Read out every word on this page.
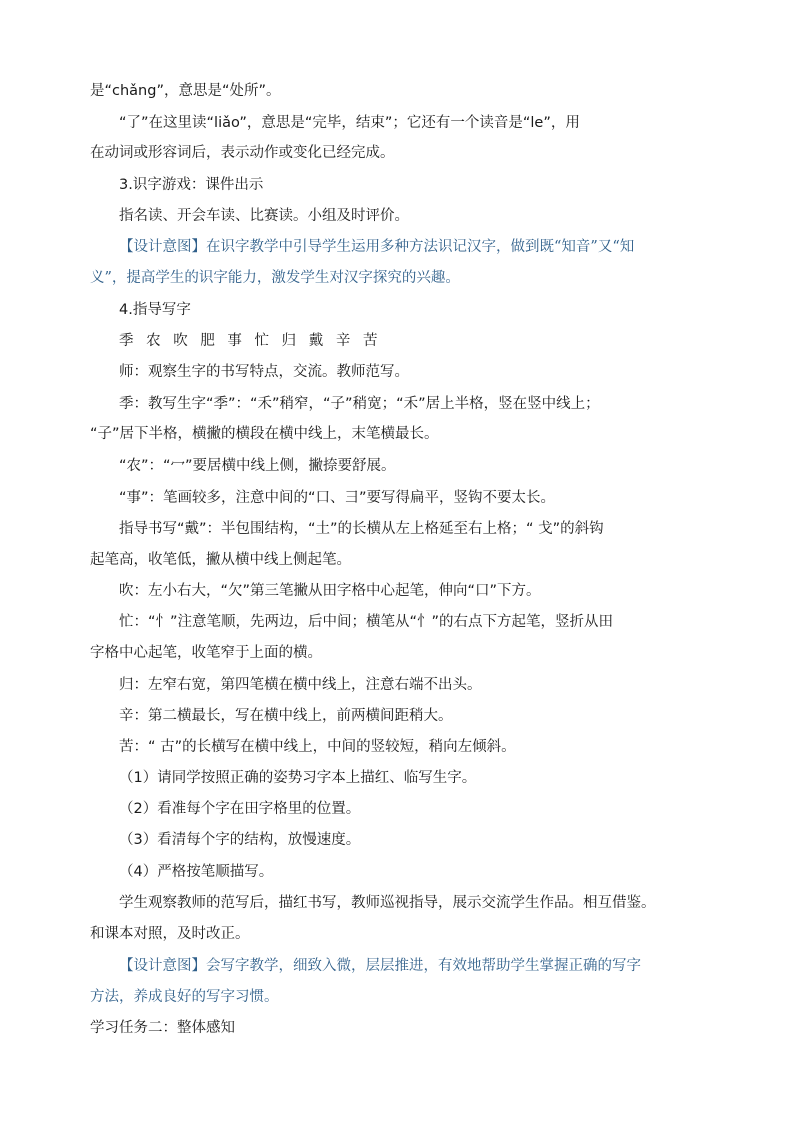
是“chǎng”，意思是“处所”。
“了”在这里读“liǎo”，意思是“完毕，结束”；它还有一个读音是“le”，用
在动词或形容词后，表示动作或变化已经完成。
3.识字游戏：课件出示
指名读、开会车读、比赛读。小组及时评价。
【设计意图】在识字教学中引导学生运用多种方法识记汉字，做到既“知音”又“知
义”，提高学生的识字能力，激发学生对汉字探究的兴趣。
4.指导写字
季 农 吹 肥 事 忙 归 戴 辛 苦
师：观察生字的书写特点，交流。教师范写。
季：教写生字“季”：“禾”稍窄，“子”稍宽；“禾”居上半格，竖在竖中线上；
“子”居下半格，横撇的横段在横中线上，末笔横最长。
“农”：“冖”要居横中线上侧，撇捺要舒展。
“事”：笔画较多，注意中间的“口、彐”要写得扁平，竖钩不要太长。
指导书写“戴”：半包围结构，“土”的长横从左上格延至右上格；“ 戈”的斜钩
起笔高，收笔低，撇从横中线上侧起笔。
吹：左小右大，“欠”第三笔撇从田字格中心起笔，伸向“口”下方。
忙：“忄”注意笔顺，先两边，后中间；横笔从“忄”的右点下方起笔，竖折从田
字格中心起笔，收笔窄于上面的横。
归：左窄右宽，第四笔横在横中线上，注意右端不出头。
辛：第二横最长，写在横中线上，前两横间距稍大。
苦：“ 古”的长横写在横中线上，中间的竖较短，稍向左倾斜。
（1）请同学按照正确的姿势习字本上描红、临写生字。
（2）看准每个字在田字格里的位置。
（3）看清每个字的结构，放慢速度。
（4）严格按笔顺描写。
学生观察教师的范写后，描红书写，教师巡视指导，展示交流学生作品。相互借鉴。
和课本对照，及时改正。
【设计意图】会写字教学，细致入微，层层推进，有效地帮助学生掌握正确的写字
方法，养成良好的写字习惯。
学习任务二：整体感知
